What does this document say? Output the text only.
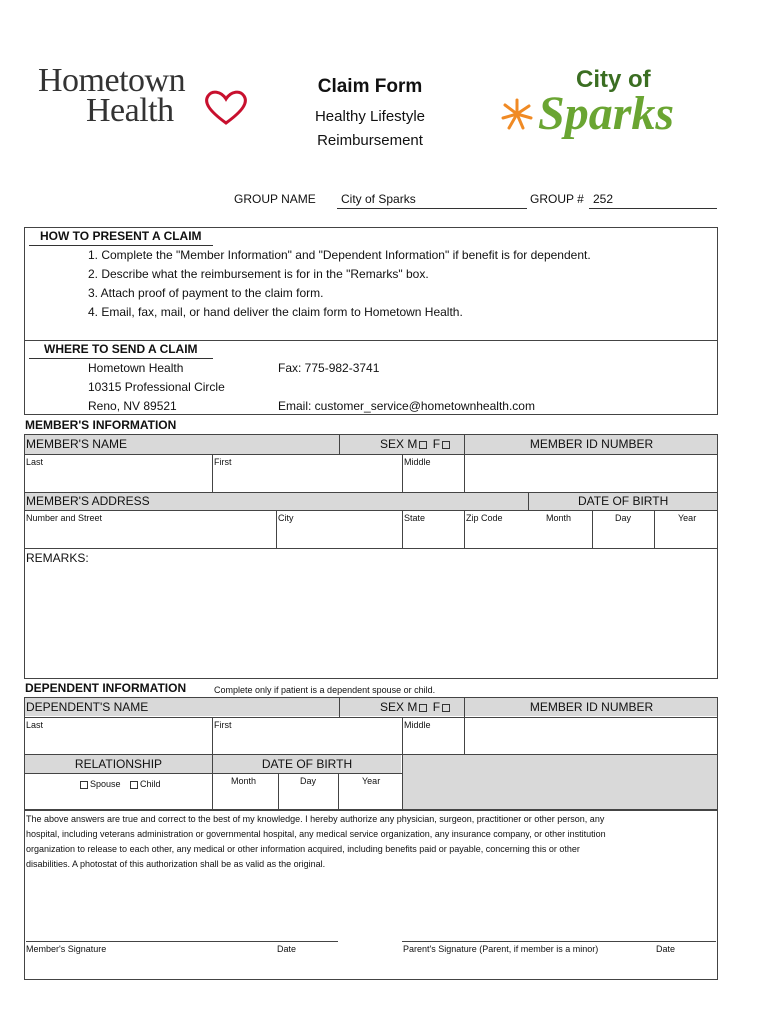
Hometown
Health
City of
Sparks
Claim Form
Healthy Lifestyle
Reimbursement
GROUP NAME City of Sparks	GROUP # 252
HOW TO PRESENT A CLAIM
1. Complete the "Member Information" and "Dependent Information" if benefit is for dependent.
2. Describe what the reimbursement is for in the "Remarks" box.
3. Attach proof of payment to the claim form.
4. Email, fax, mail, or hand deliver the claim form to Hometown Health.
WHERE TO SEND A CLAIM
Hometown Health
10315 Professional Circle
Reno, NV 89521
Fax: 775-982-3741
Email: customer_service@hometownhealth.com
MEMBER'S INFORMATION
MEMBER'S NAME	SEX M F	MEMBER ID NUMBER
Last	First	Middle
MEMBER'S ADDRESS	DATE OF BIRTH
Number and Street	City	State	Zip Code	Month	Day	Year
REMARKS:
DEPENDENT INFORMATION	Complete only if patient is a dependent spouse or child.
DEPENDENT'S NAME	SEX M F	MEMBER ID NUMBER
Last	First	Middle
RELATIONSHIP	DATE OF BIRTH
Spouse Child	Month	Day	Year
The above answers are true and correct to the best of my knowledge. I hereby authorize any physician, surgeon, practitioner or other person, any
hospital, including veterans administration or governmental hospital, any medical service organization, any insurance company, or other institution
organization to release to each other, any medical or other information acquired, including benefits paid or payable, concerning this or other
disabilities. A photostat of this authorization shall be as valid as the original.
Member's Signature	Date	Parent's Signature (Parent, if member is a minor)	Date
